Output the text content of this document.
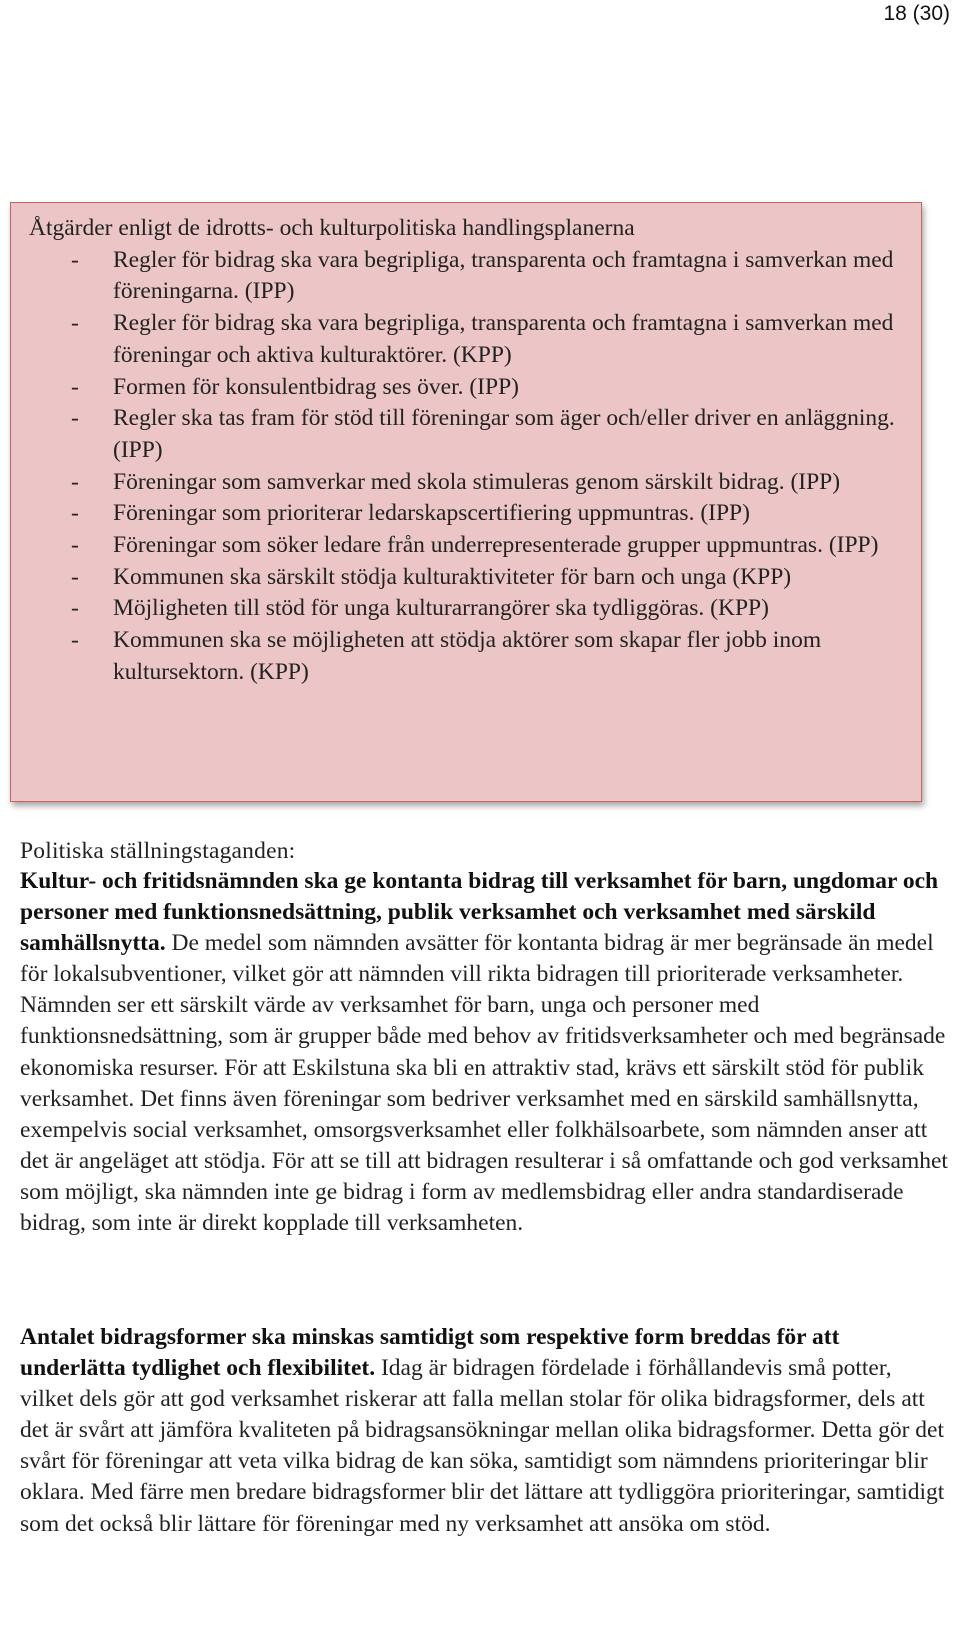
18 (30)

Åtgärder enligt de idrotts- och kulturpolitiska handlingsplanerna

- Regler för bidrag ska vara begripliga, transparenta och framtagna i samverkan med föreningarna. (IPP)
- Regler för bidrag ska vara begripliga, transparenta och framtagna i samverkan med föreningar och aktiva kulturaktörer. (KPP)
- Formen för konsulentbidrag ses över. (IPP)
- Regler ska tas fram för stöd till föreningar som äger och/eller driver en anläggning. (IPP)
- Föreningar som samverkar med skola stimuleras genom särskilt bidrag. (IPP)
- Föreningar som prioriterar ledarskapscertifiering uppmuntras. (IPP)
- Föreningar som söker ledare från underrepresenterade grupper uppmuntras. (IPP)
- Kommunen ska särskilt stödja kulturaktiviteter för barn och unga (KPP)
- Möjligheten till stöd för unga kulturarrangörer ska tydliggöras. (KPP)
- Kommunen ska se möjligheten att stödja aktörer som skapar fler jobb inom kultursektorn. (KPP)
Politiska ställningstaganden:

Kultur- och fritidsnämnden ska ge kontanta bidrag till verksamhet för barn, ungdomar och personer med funktionsnedsättning, publik verksamhet och verksamhet med särskild samhällsnytta. De medel som nämnden avsätter för kontanta bidrag är mer begränsade än medel för lokalsubventioner, vilket gör att nämnden vill rikta bidragen till prioriterade verksamheter. Nämnden ser ett särskilt värde av verksamhet för barn, unga och personer med funktionsnedsättning, som är grupper både med behov av fritidsverksamheter och med begränsade ekonomiska resurser. För att Eskilstuna ska bli en attraktiv stad, krävs ett särskilt stöd för publik verksamhet. Det finns även föreningar som bedriver verksamhet med en särskild samhällsnytta, exempelvis social verksamhet, omsorgsverksamhet eller folkhälsoarbete, som nämnden anser att det är angeläget att stödja. För att se till att bidragen resulterar i så omfattande och god verksamhet som möjligt, ska nämnden inte ge bidrag i form av medlemsbidrag eller andra standardiserade bidrag, som inte är direkt kopplade till verksamheten.

Antalet bidragsformer ska minskas samtidigt som respektive form breddas för att underlätta tydlighet och flexibilitet. Idag är bidragen fördelade i förhållandevis små potter, vilket dels gör att god verksamhet riskerar att falla mellan stolar för olika bidragsformer, dels att det är svårt att jämföra kvaliteten på bidragsansökningar mellan olika bidragsformer. Detta gör det svårt för föreningar att veta vilka bidrag de kan söka, samtidigt som nämndens prioriteringar blir oklara. Med färre men bredare bidragsformer blir det lättare att tydliggöra prioriteringar, samtidigt som det också blir lättare för föreningar med ny verksamhet att ansöka om stöd.
